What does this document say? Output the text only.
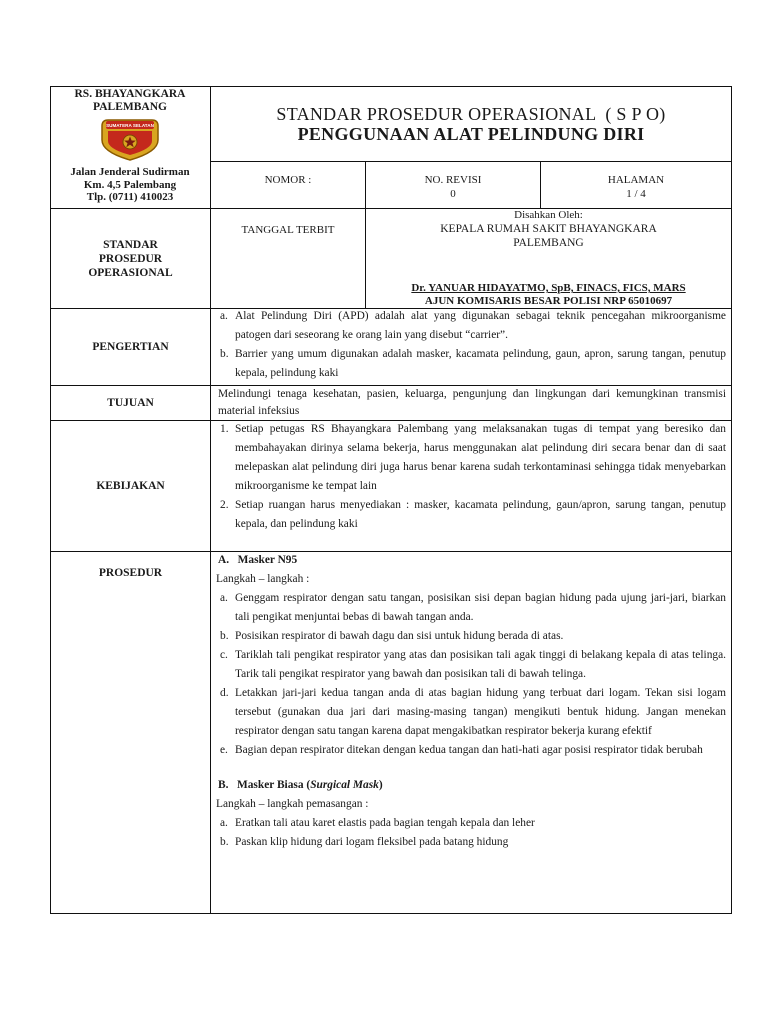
RS. BHAYANGKARA
PALEMBANG
SUMATERA SELATAN
Jalan Jenderal Sudirman
Km. 4,5 Palembang
Tlp. (0711) 410023
STANDAR PROSEDUR OPERASIONAL  ( S P O)
PENGGUNAAN ALAT PELINDUNG DIRI
NOMOR :	NO. REVISI
0
HALAMAN
1 / 4
STANDAR
PROSEDUR
OPERASIONAL
TANGGAL TERBIT
Disahkan Oleh:
KEPALA RUMAH SAKIT BHAYANGKARA
PALEMBANG
Dr. YANUAR HIDAYATMO, SpB, FINACS, FICS, MARS
AJUN KOMISARIS BESAR POLISI NRP 65010697
PENGERTIAN
a. Alat Pelindung Diri (APD) adalah alat yang digunakan sebagai teknik pencegahan mikroorganisme patogen dari seseorang ke orang lain yang disebut “carrier”.
b. Barrier yang umum digunakan adalah masker, kacamata pelindung, gaun, apron, sarung tangan, penutup kepala, pelindung kaki
TUJUAN
Melindungi tenaga kesehatan, pasien, keluarga, pengunjung dan lingkungan dari kemungkinan transmisi material infeksius
KEBIJAKAN
1. Setiap petugas RS Bhayangkara Palembang yang melaksanakan tugas di tempat yang beresiko dan membahayakan dirinya selama bekerja, harus menggunakan alat pelindung diri secara benar dan di saat melepaskan alat pelindung diri juga harus benar karena sudah terkontaminasi sehingga tidak menyebarkan mikroorganisme ke tempat lain
2. Setiap ruangan harus menyediakan : masker, kacamata pelindung, gaun/apron, sarung tangan, penutup kepala, dan pelindung kaki
PROSEDUR
A.   Masker N95
Langkah – langkah :
a. Genggam respirator dengan satu tangan, posisikan sisi depan bagian hidung pada ujung jari-jari, biarkan tali pengikat menjuntai bebas di bawah tangan anda.
b. Posisikan respirator di bawah dagu dan sisi untuk hidung berada di atas.
c. Tariklah tali pengikat respirator yang atas dan posisikan tali agak tinggi di belakang kepala di atas telinga. Tarik tali pengikat respirator yang bawah dan posisikan tali di bawah telinga.
d. Letakkan jari-jari kedua tangan anda di atas bagian hidung yang terbuat dari logam. Tekan sisi logam tersebut (gunakan dua jari dari masing-masing tangan) mengikuti bentuk hidung. Jangan menekan respirator dengan satu tangan karena dapat mengakibatkan respirator bekerja kurang efektif
e. Bagian depan respirator ditekan dengan kedua tangan dan hati-hati agar posisi respirator tidak berubah
B.   Masker Biasa (Surgical Mask)
Langkah – langkah pemasangan :
a. Eratkan tali atau karet elastis pada bagian tengah kepala dan leher
b. Paskan klip hidung dari logam fleksibel pada batang hidung
